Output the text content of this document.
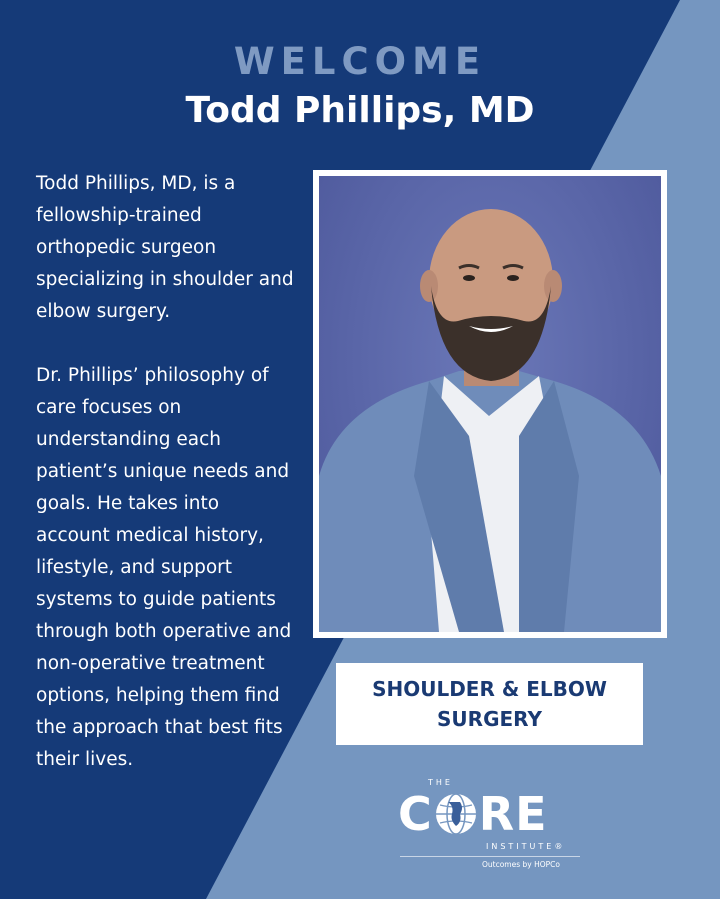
WELCOME
Todd Phillips, MD

Todd Phillips, MD, is a fellowship-trained orthopedic surgeon specializing in shoulder and elbow surgery.

Dr. Phillips’ philosophy of care focuses on understanding each patient’s unique needs and goals. He takes into account medical history, lifestyle, and support systems to guide patients through both operative and non-operative treatment options, helping them find the approach that best fits their lives.

SHOULDER & ELBOW SURGERY
THE
C RE
INSTITUTE®
Outcomes by HOPCo
